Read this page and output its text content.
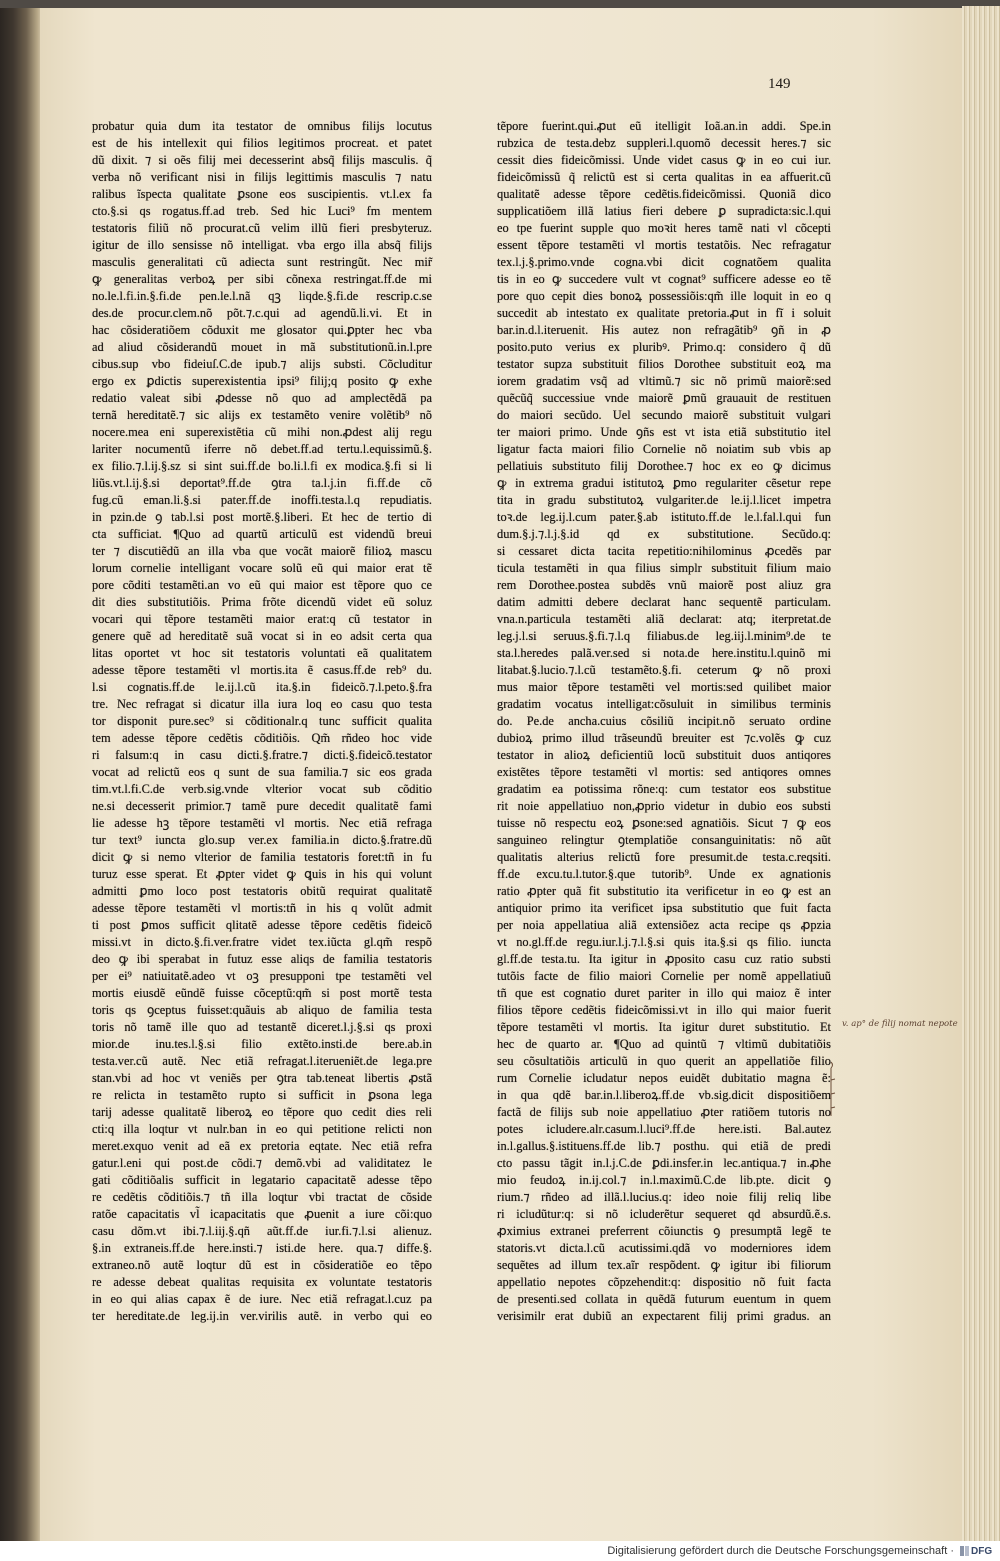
149
probatur quia dum ita testator de omnibus filijs locutus
est de his intellexit qui filios legitimos procreat. et patet
dũ dixit. ⁊ si oẽs filij mei decesserint absq̃ filijs masculis. q̃
verba nõ verificant nisi in filijs legittimis masculis ⁊ natu
ralibus ĩspecta qualitate ꝑsone eos suscipientis. vt.l.ex fa
cto.§.si qs rogatus.ff.ad treb. Sed hic Luci⁹ fm mentem
testatoris filiũ nõ procurat.cũ velim illũ fieri presbyteruz.
igitur de illo sensisse nõ intelligat. vba ergo illa absq̃ filijs
masculis generalitati cũ adiecta sunt restringũt. Nec mir̃
ꝙ generalitas verboꝝ per sibi cõnexa restringat.ff.de mi
no.le.l.fi.in.§.fi.de pen.le.l.nã qꝫ liqde.§.fi.de rescrip.c.se
des.de procur.clem.nõ põt.⁊.c.qui ad agendũ.li.vi. Et in
hac cõsideratiõem cõduxit me glosator qui.ꝑpter hec vba
ad aliud cõsiderandũ mouet in mã substitutionũ.in.l.pre
cibus.sup vbo fideiuſ.C.de ipub.⁊ alijs substi. Cõcluditur
ergo ex ꝑdictis superexistentia ipsi⁹ filij;q posito ꝙ exhe
redatio valeat sibi ꝓdesse nõ quo ad amplectẽdã pa
ternã hereditatẽ.⁊ sic alijs ex testamẽto venire volẽtib⁹ nõ
nocere.mea eni superexistẽtia cũ mihi non.ꝓdest alij regu
lariter nocumentũ iferre nõ debet.ff.ad tertu.l.equissimũ.§.
ex filio.⁊.l.ij.§.sz si sint sui.ff.de bo.li.l.fi ex modica.§.fi si li
liũs.vt.l.ij.§.si deportat⁹.ff.de ꝯtra ta.l.j.in fi.ff.de cõ
fug.cũ eman.li.§.si pater.ff.de inoffi.testa.l.q repudiatis.
in pzin.de ꝯ tab.l.si post mortẽ.§.liberi. Et hec de tertio di
cta sufficiat. ¶Quo ad quartũ articulũ est videndũ breui
ter ⁊ discutiẽdũ an illa vba que vocãt maiorẽ filioꝝ mascu
lorum cornelie intelligant vocare solũ eũ qui maior erat tẽ
pore cõditi testamẽti.an vo eũ qui maior est tẽpore quo ce
dit dies substitutiõis. Prima frõte dicendũ videt eũ soluz
vocari qui tẽpore testamẽti maior erat:q cũ testator in
genere quẽ ad hereditatẽ suã vocat si in eo adsit certa qua
litas oportet vt hoc sit testatoris voluntati eã qualitatem
adesse tẽpore testamẽti vl mortis.ita ẽ casus.ff.de reb⁹ du.
l.si cognatis.ff.de le.ij.l.cũ ita.§.in fideicõ.⁊.l.peto.§.fra
tre. Nec refragat si dicatur illa iura loq eo casu quo testa
tor disponit pure.sec⁹ si cõditionalr.q tunc sufficit qualita
tem adesse tẽpore cedẽtis cõditiõis. Qm̃ rñdeo hoc vide
ri falsum:q in casu dicti.§.fratre.⁊ dicti.§.fideicõ.testator
vocat ad relictũ eos q sunt de sua familia.⁊ sic eos grada
tim.vt.l.fi.C.de verb.sig.vnde vlterior vocat sub cõditio
ne.si decesserit primior.⁊ tamẽ pure decedit qualitatẽ fami
lie adesse hꝫ tẽpore testamẽti vl mortis. Nec etiã refraga
tur text⁹ iuncta glo.sup ver.ex familia.in dicto.§.fratre.dũ
dicit ꝙ si nemo vlterior de familia testatoris foret:tñ in fu
turuz esse sperat. Et ꝓpter videt ꝙ ꝗuis in his qui volunt
admitti ꝑmo loco post testatoris obitũ requirat qualitatẽ
adesse tẽpore testamẽti vl mortis:tñ in his q volũt admit
ti post ꝑmos sufficit qlitatẽ adesse tẽpore cedẽtis fideicõ
missi.vt in dicto.§.fi.ver.fratre videt tex.iũcta gl.qm̃ respõ
deo ꝙ ibi sperabat in futuz esse aliqs de familia testatoris
per ei⁹ natiuitatẽ.adeo vt oꝫ presupponi tpe testamẽti vel
mortis eiusdẽ eũndẽ fuisse cõceptũ:qm̃ si post mortẽ testa
toris qs ꝯceptus fuisset:quãuis ab aliquo de familia testa
toris nõ tamẽ ille quo ad testantẽ diceret.l.j.§.si qs proxi
mior.de inu.tes.l.§.si filio extẽto.insti.de bere.ab.in
testa.ver.cũ autẽ. Nec etiã refragat.l.iterueniẽt.de lega.pre
stan.vbi ad hoc vt veniẽs per ꝯtra tab.teneat libertis ꝓstã
re relicta in testamẽto rupto si sufficit in ꝑsona lega
tarij adesse qualitatẽ liberoꝝ eo tẽpore quo cedit dies reli
cti:q illa loqtur vt nulr.ban in eo qui petitione relicti non
meret.exquo venit ad eã ex pretoria eqtate. Nec etiã refra
gatur.l.eni qui post.de cõdi.⁊ demõ.vbi ad validitatez le
gati cõditiõalis sufficit in legatario capacitatẽ adesse tẽpo
re cedẽtis cõditiõis.⁊ tñ illa loqtur vbi tractat de cõside
ratõe capacitatis vl̃ icapacitatis que ꝓuenit a iure cõi:quo
casu dõm.vt ibi.⁊.l.iij.§.qñ aũt.ff.de iur.fi.⁊.l.si alienuz.
§.in extraneis.ff.de here.insti.⁊ isti.de here. qua.⁊ diffe.§.
extraneo.nõ autẽ loqtur dũ est in cõsideratiõe eo tẽpo
re adesse debeat qualitas requisita ex voluntate testatoris
in eo qui alias capax ẽ de iure. Nec etiã refragat.l.cuz pa
ter hereditate.de leg.ij.in ver.virilis autẽ. in verbo qui eo
tẽpore fuerint.qui.ꝓut eũ itelligit Ioã.an.in addi. Spe.in
rubzica de testa.debz suppleri.l.quomõ decessit heres.⁊ sic
cessit dies fideicõmissi. Unde videt casus ꝙ in eo cui iur.
fideicõmissũ q̃ relictũ est si certa qualitas in ea affuerit.cũ
qualitatẽ adesse tẽpore cedẽtis.fideicõmissi. Quoniã dico
supplicatiõem illã latius fieri debere ꝑ supradicta:sic.l.qui
eo tpe fuerint supple quo moꝛit heres tamẽ nati vl cõcepti
essent tẽpore testamẽti vl mortis testatõis. Nec refragatur
tex.l.j.§.primo.vnde cogna.vbi dicit cognatõem qualita
tis in eo ꝙ succedere vult vt cognat⁹ sufficere adesse eo tẽ
pore quo cepit dies bonoꝝ possessiõis:qm̃ ille loquit in eo q
succedit ab intestato ex qualitate pretoria.ꝓut in fĩ i soluit
bar.in.d.l.iteruenit. His autez non refragãtib⁹ ꝯñ in ꝓ
posito.puto verius ex pluribꝰ. Primo.q: considero q̃ dũ
testator supza substituit filios Dorothee substituit eoꝝ ma
iorem gradatim vsq̃ ad vltimũ.⁊ sic nõ primũ maiorẽ:sed
quẽcũq̃ successiue vnde maiorẽ ꝑmũ grauauit de restituen
do maiori secũdo. Uel secundo maiorẽ substituit vulgari
ter maiori primo. Unde ꝯñs est vt ista etiã substitutio itel
ligatur facta maiori filio Cornelie nõ noiatim sub vbis ap
pellatiuis substituto filij Dorothee.⁊ hoc ex eo ꝙ dicimus
ꝙ in extrema gradui istitutoꝝ ꝑmo regulariter cẽsetur repe
tita in gradu substitutoꝝ vulgariter.de le.ij.l.licet impetra
toꝛ.de leg.ij.l.cum pater.§.ab istituto.ff.de le.l.fal.l.qui fun
dum.§.j.⁊.l.j.§.id qd ex substitutione. Secũdo.q:
si cessaret dicta tacita repetitio:nihilominus ꝓcedẽs par
ticula testamẽti in qua filius simplr substituit filium maio
rem Dorothee.postea subdẽs vnũ maiorẽ post aliuz gra
datim admitti debere declarat hanc sequentẽ particulam.
vna.n.particula testamẽti aliã declarat: atq; iterpretat.de
leg.j.l.si seruus.§.fi.⁊.l.q filiabus.de leg.iij.l.minim⁹.de te
sta.l.heredes palã.ver.sed si nota.de here.institu.l.quinõ mi
litabat.§.lucio.⁊.l.cũ testamẽto.§.fi. ceterum ꝙ nõ proxi
mus maior tẽpore testamẽti vel mortis:sed quilibet maior
gradatim vocatus intelligat:cõsuluit in similibus terminis
do. Pe.de ancha.cuius cõsiliũ incipit.nõ seruato ordine
dubioꝝ primo illud trãseundũ breuiter est ⁊c.volẽs ꝙ cuz
testator in alioꝝ deficientiũ locũ substituit duos antiqores
existẽtes tẽpore testamẽti vl mortis: sed antiqores omnes
gradatim ea potissima rõne:q: cum testator eos substitue
rit noie appellatiuo non,ꝓprio videtur in dubio eos substi
tuisse nõ respectu eoꝝ ꝑsone:sed agnatiõis. Sicut ⁊ ꝙ eos
sanguineo relingtur ꝯtemplatiõe consanguinitatis: nõ aũt
qualitatis alterius relictũ fore presumit.de testa.c.reqsiti.
ff.de excu.tu.l.tutor.§.que tutorib⁹. Unde ex agnationis
ratio ꝓpter quã fit substitutio ita verificetur in eo ꝙ est an
antiquior primo ita verificet ipsa substitutio que fuit facta
per noia appellatiua aliã extensiõez acta recipe qs ꝓpzia
vt no.gl.ff.de regu.iur.l.j.⁊.l.§.si quis ita.§.si qs filio. iuncta
gl.ff.de testa.tu. Ita igitur in ꝓposito casu cuz ratio substi
tutõis facte de filio maiori Cornelie per nomẽ appellatiuũ
tñ que est cognatio duret pariter in illo qui maioz ẽ inter
filios tẽpore cedẽtis fideicõmissi.vt in illo qui maior fuerit
tẽpore testamẽti vl mortis. Ita igitur duret substitutio. Et
hec de quarto ar. ¶Quo ad quintũ ⁊ vltimũ dubitatiõis
seu cõsultatiõis articulũ in quo querit an appellatiõe filio
rum Cornelie icludatur nepos euidẽt dubitatio magna ẽ:
in qua qdẽ bar.in.l.liberoꝝ.ff.de vb.sig.dicit dispositiõem
factã de filijs sub noie appellatiuo ꝓter ratiõem tutoris no
potes icludere.alr.casum.l.luci⁹.ff.de here.isti. Bal.autez
in.l.gallus.§.istituens.ff.de lib.⁊ posthu. qui etiã de predi
cto passu tãgit in.l.j.C.de ꝑdi.insfer.in lec.antiqua.⁊ in.ꝓhe
mio feudoꝝ in.ij.col.⁊ in.l.maximũ.C.de lib.pte. dicit ꝯ
rium.⁊ rñdeo ad illã.l.lucius.q: ideo noie filij reliq libe
ri icludũtur:q: si nõ icluderẽtur sequeret qd absurdũ.ẽ.s.
ꝓximius extranei preferrent cõiunctis ꝯ presumptã legẽ te
statoris.vt dicta.l.cũ acutissimi.qdã vo moderniores idem
sequẽtes ad illum tex.aĩr respõdent. ꝙ igitur ibi filiorum
appellatio nepotes cõpzehendit:q: dispositio nõ fuit facta
de presenti.sed collata in quẽdã futurum euentum in quem
verisimilr erat dubiũ an expectarent filij primi gradus. an
v. ap° de filij nomat nepote
Digitalisierung gefördert durch die Deutsche Forschungsgemeinschaft · DFG
